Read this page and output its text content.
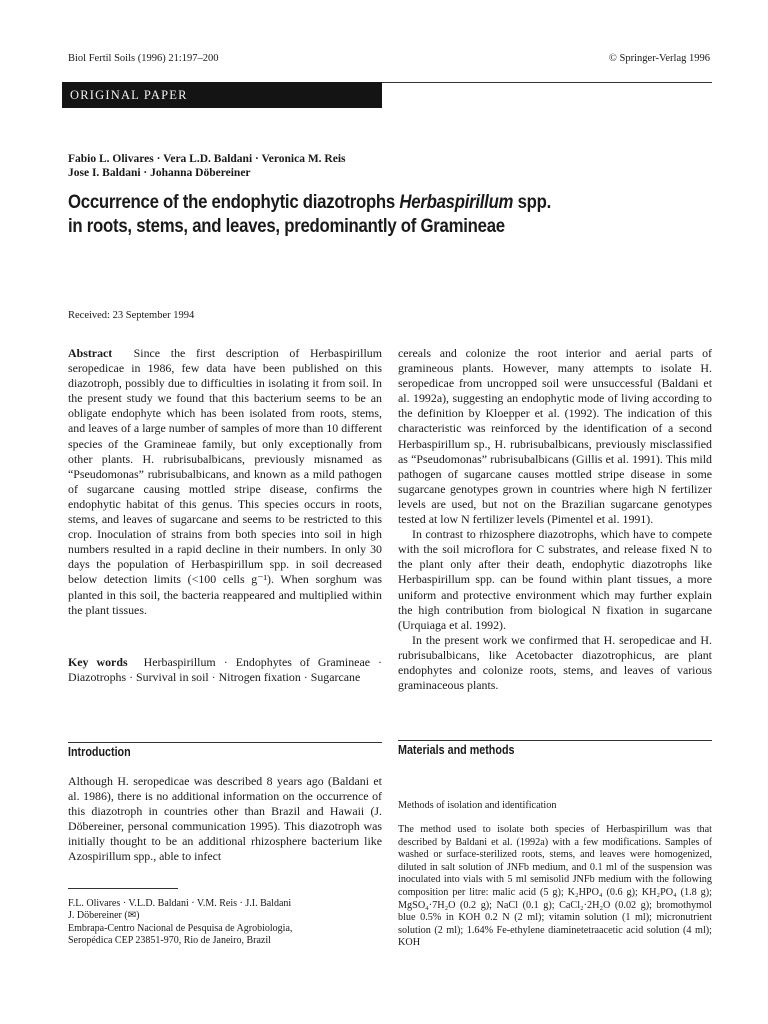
Biol Fertil Soils (1996) 21:197–200	© Springer-Verlag 1996
ORIGINAL PAPER
Fabio L. Olivares · Vera L.D. Baldani · Veronica M. Reis
Jose I. Baldani · Johanna Döbereiner
Occurrence of the endophytic diazotrophs Herbaspirillum spp.
in roots, stems, and leaves, predominantly of Gramineae
Received: 23 September 1994

Abstract Since the first description of Herbaspirillum seropedicae in 1986, few data have been published on this diazotroph, possibly due to difficulties in isolating it from soil. In the present study we found that this bacterium seems to be an obligate endophyte which has been isolated from roots, stems, and leaves of a large number of samples of more than 10 different species of the Gramineae family, but only exceptionally from other plants. H. rubrisubalbicans, previously misnamed as “Pseudomonas” rubrisubalbicans, and known as a mild pathogen of sugarcane causing mottled stripe disease, confirms the endophytic habitat of this genus. This species occurs in roots, stems, and leaves of sugarcane and seems to be restricted to this crop. Inoculation of strains from both species into soil in high numbers resulted in a rapid decline in their numbers. In only 30 days the population of Herbaspirillum spp. in soil decreased below detection limits (<100 cells g⁻¹). When sorghum was planted in this soil, the bacteria reappeared and multiplied within the plant tissues.

Key words Herbaspirillum · Endophytes of Gramineae · Diazotrophs · Survival in soil · Nitrogen fixation · Sugarcane

Introduction

Although H. seropedicae was described 8 years ago (Baldani et al. 1986), there is no additional information on the occurrence of this diazotroph in countries other than Brazil and Hawaii (J. Döbereiner, personal communication 1995). This diazotroph was initially thought to be an additional rhizosphere bacterium like Azospirillum spp., able to infect

F.L. Olivares · V.L.D. Baldani · V.M. Reis · J.I. Baldani
J. Döbereiner (✉)
Embrapa-Centro Nacional de Pesquisa de Agrobiologia,
Seropédica CEP 23851-970, Rio de Janeiro, Brazil

cereals and colonize the root interior and aerial parts of gramineous plants. However, many attempts to isolate H. seropedicae from uncropped soil were unsuccessful (Baldani et al. 1992a), suggesting an endophytic mode of living according to the definition by Kloepper et al. (1992). The indication of this characteristic was reinforced by the identification of a second Herbaspirillum sp., H. rubrisubalbicans, previously misclassified as “Pseudomonas” rubrisubalbicans (Gillis et al. 1991). This mild pathogen of sugarcane causes mottled stripe disease in some sugarcane genotypes grown in countries where high N fertilizer levels are used, but not on the Brazilian sugarcane genotypes tested at low N fertilizer levels (Pimentel et al. 1991).

In contrast to rhizosphere diazotrophs, which have to compete with the soil microflora for C substrates, and release fixed N to the plant only after their death, endophytic diazotrophs like Herbaspirillum spp. can be found within plant tissues, a more uniform and protective environment which may further explain the high contribution from biological N fixation in sugarcane (Urquiaga et al. 1992).

In the present work we confirmed that H. seropedicae and H. rubrisubalbicans, like Acetobacter diazotrophicus, are plant endophytes and colonize roots, stems, and leaves of various graminaceous plants.

Materials and methods
Methods of isolation and identification

The method used to isolate both species of Herbaspirillum was that described by Baldani et al. (1992a) with a few modifications. Samples of washed or surface-sterilized roots, stems, and leaves were homogenized, diluted in salt solution of JNFb medium, and 0.1 ml of the suspension was inoculated into vials with 5 ml semisolid JNFb medium with the following composition per litre: malic acid (5 g); K₂HPO₄ (0.6 g); KH₂PO₄ (1.8 g); MgSO₄·7H₂O (0.2 g); NaCl (0.1 g); CaCl₂·2H₂O (0.02 g); bromothymol blue 0.5% in KOH 0.2 N (2 ml); vitamin solution (1 ml); micronutrient solution (2 ml); 1.64% Fe-ethylene diaminetetraacetic acid solution (4 ml); KOH
